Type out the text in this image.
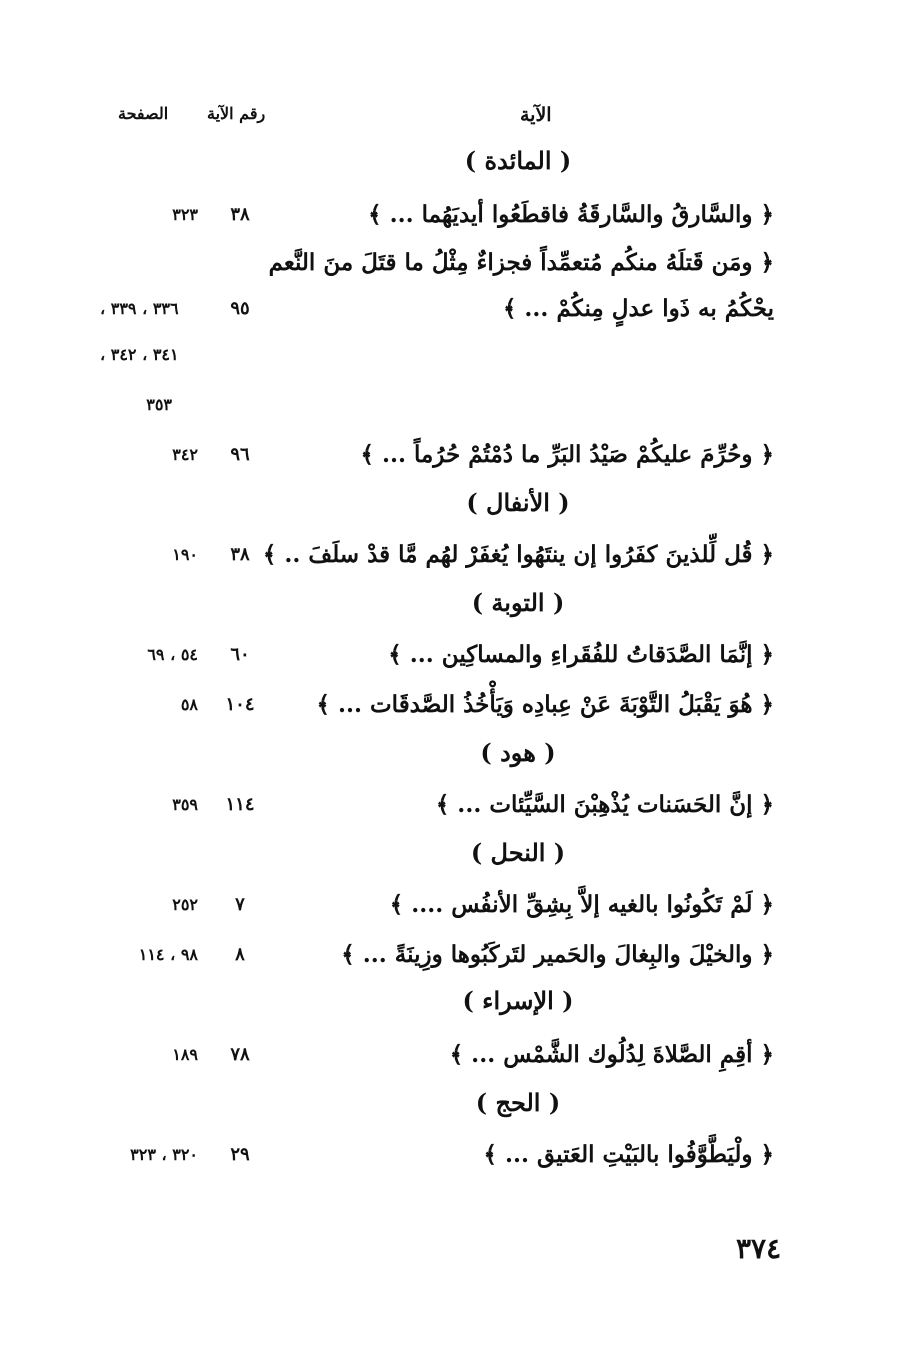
الآية
رقم الآية
الصفحة
( المائدة )
﴿ والسَّارقُ والسَّارقَةُ فاقطَعُوا أيديَهُما ... ﴾
٣٨
٣٢٣
﴿ ومَن قَتلَهُ منكُم مُتعمِّداً فجزاءٌ مِثْلُ ما قتَلَ منَ النَّعم
يحْكُمُ به ذَوا عدلٍ مِنكُمْ ... ﴾
٩٥
٣٣٦ ، ٣٣٩ ،
٣٤١ ، ٣٤٢ ،
٣٥٣
﴿ وحُرِّمَ عليكُمْ صَيْدُ البَرِّ ما دُمْتُمْ حُرُماً ... ﴾
٩٦
٣٤٢
( الأنفال )
﴿ قُل لِّلذينَ كفَرُوا إن ينتَهُوا يُغفَرْ لهُم مَّا قدْ سلَفَ .. ﴾
٣٨
١٩٠
( التوبة )
﴿ إنَّمَا الصَّدَقاتُ للفُقَراءِ والمساكِين ... ﴾
٦٠
٥٤ ، ٦٩
﴿ هُوَ يَقْبَلُ التَّوْبَةَ عَنْ عِبادِه وَيَأْخُذُ الصَّدقَات ... ﴾
١٠٤
٥٨
( هود )
﴿ إنَّ الحَسَنات يُذْهِبْنَ السَّيِّئات ... ﴾
١١٤
٣٥٩
( النحل )
﴿ لَمْ تَكُونُوا بالغيه إلاَّ بِشِقِّ الأنفُس .... ﴾
٧
٢٥٢
﴿ والخيْلَ والبِغالَ والحَمير لتَركَبُوها وزِينَةً ... ﴾
٨
٩٨ ، ١١٤
( الإسراء )
﴿ أقِمِ الصَّلاةَ لِدُلُوك الشَّمْس ... ﴾
٧٨
١٨٩
( الحج )
﴿ ولْيَطَّوَّفُوا بالبَيْتِ العَتيق ... ﴾
٢٩
٣٢٠ ، ٣٢٣
٣٧٤
